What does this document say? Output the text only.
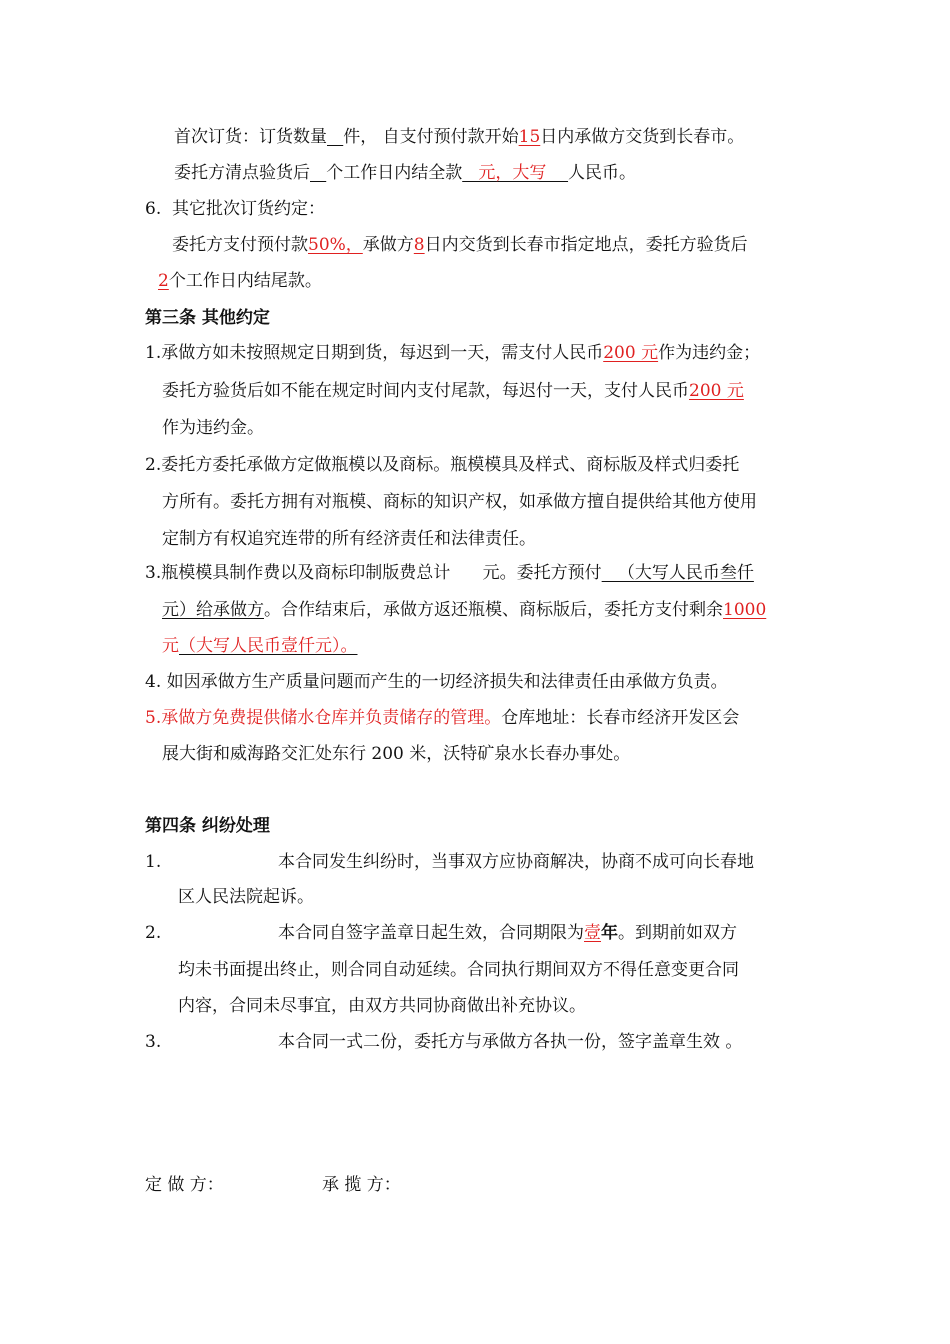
首次订货：订货数量 件， 自支付预付款开始15日内承做方交货到长春市。
委托方清点验货后 个工作日内结全款   元，大写    人民币。
6. 其它批次订货约定：
委托方支付预付款50%，承做方8日内交货到长春市指定地点，委托方验货后
2个工作日内结尾款。
第三条 其他约定
1.承做方如未按照规定日期到货，每迟到一天，需支付人民币200 元作为违约金；
委托方验货后如不能在规定时间内支付尾款，每迟付一天，支付人民币200 元
作为违约金。
2.委托方委托承做方定做瓶模以及商标。瓶模模具及样式、商标版及样式归委托
方所有。委托方拥有对瓶模、商标的知识产权，如承做方擅自提供给其他方使用
定制方有权追究连带的所有经济责任和法律责任。
3.瓶模模具制作费以及商标印制版费总计      元。委托方预付   （大写人民币叁仟
元）给承做方。合作结束后，承做方返还瓶模、商标版后，委托方支付剩余1000
元（大写人民币壹仟元）。
4. 如因承做方生产质量问题而产生的一切经济损失和法律责任由承做方负责。
5.承做方免费提供储水仓库并负责储存的管理。仓库地址：长春市经济开发区会
展大街和威海路交汇处东行 200 米，沃特矿泉水长春办事处。
第四条 纠纷处理
1.	本合同发生纠纷时，当事双方应协商解决，协商不成可向长春地
区人民法院起诉。
2.	本合同自签字盖章日起生效，合同期限为壹年。到期前如双方
均未书面提出终止，则合同自动延续。合同执行期间双方不得任意变更合同
内容，合同未尽事宜，由双方共同协商做出补充协议。
3.	本合同一式二份，委托方与承做方各执一份，签字盖章生效 。
定 做 方：	承 揽 方：
